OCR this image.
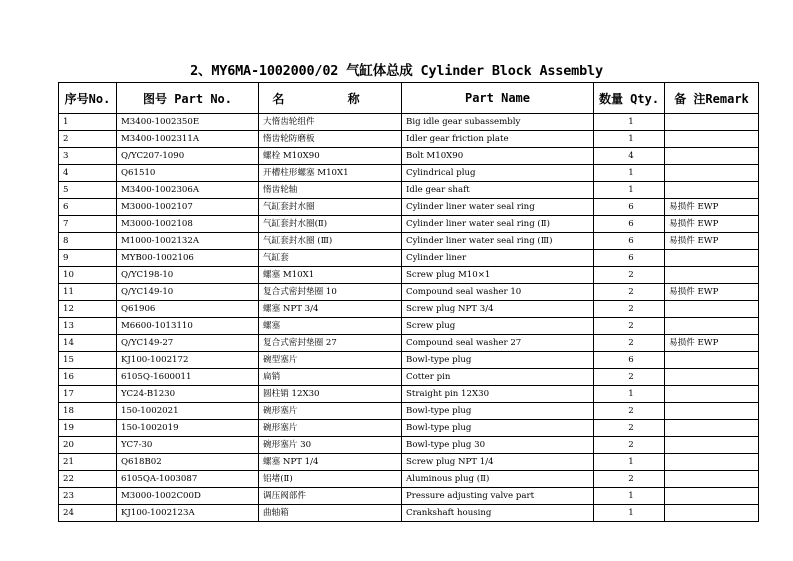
2、MY6MA-1002000/02 气缸体总成 Cylinder Block Assembly
序号No.	图号 Part No.	名 称	Part Name	数量 Qty.	备 注Remark
1	M3400-1002350E	大惰齿轮组件	Big idle gear subassembly	1	
2	M3400-1002311A	惰齿轮防磨板	Idler gear friction plate	1	
3	Q/YC207-1090	螺栓 M10X90	Bolt M10X90	4	
4	Q61510	开槽柱形螺塞 M10X1	Cylindrical plug	1	
5	M3400-1002306A	惰齿轮轴	Idle gear shaft	1	
6	M3000-1002107	气缸套封水圈	Cylinder liner water seal ring	6	易损件 EWP
7	M3000-1002108	气缸套封水圈(Ⅱ)	Cylinder liner water seal ring (Ⅱ)	6	易损件 EWP
8	M1000-1002132A	气缸套封水圈 (Ⅲ)	Cylinder liner water seal ring (Ⅲ)	6	易损件 EWP
9	MYB00-1002106	气缸套	Cylinder liner	6	
10	Q/YC198-10	螺塞 M10X1	Screw plug M10×1	2	
11	Q/YC149-10	复合式密封垫圈 10	Compound seal washer 10	2	易损件 EWP
12	Q61906	螺塞 NPT 3/4	Screw plug NPT 3/4	2	
13	M6600-1013110	螺塞	Screw plug	2	
14	Q/YC149-27	复合式密封垫圈 27	Compound seal washer 27	2	易损件 EWP
15	KJ100-1002172	碗型塞片	Bowl-type plug	6	
16	6105Q-1600011	扁销	Cotter pin	2	
17	YC24-B1230	圆柱销 12X30	Straight pin 12X30	1	
18	150-1002021	碗形塞片	Bowl-type plug	2	
19	150-1002019	碗形塞片	Bowl-type plug	2	
20	YC7-30	碗形塞片 30	Bowl-type plug 30	2	
21	Q618B02	螺塞 NPT 1/4	Screw plug NPT 1/4	1	
22	6105QA-1003087	铝堵(Ⅱ)	Aluminous plug (Ⅱ)	2	
23	M3000-1002C00D	调压阀部件	Pressure adjusting valve part	1	
24	KJ100-1002123A	曲轴箱	Crankshaft housing	1	
